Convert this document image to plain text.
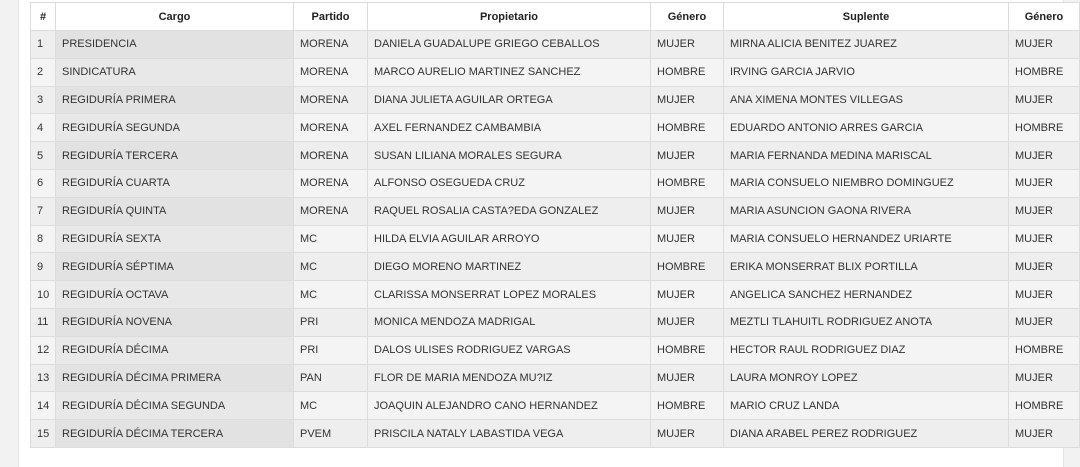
#	Cargo	Partido	Propietario	Género	Suplente	Género
1	PRESIDENCIA	MORENA	DANIELA GUADALUPE GRIEGO CEBALLOS	MUJER	MIRNA ALICIA BENITEZ JUAREZ	MUJER
2	SINDICATURA	MORENA	MARCO AURELIO MARTINEZ SANCHEZ	HOMBRE	IRVING GARCIA JARVIO	HOMBRE
3	REGIDURÍA PRIMERA	MORENA	DIANA JULIETA AGUILAR ORTEGA	MUJER	ANA XIMENA MONTES VILLEGAS	MUJER
4	REGIDURÍA SEGUNDA	MORENA	AXEL FERNANDEZ CAMBAMBIA	HOMBRE	EDUARDO ANTONIO ARRES GARCIA	HOMBRE
5	REGIDURÍA TERCERA	MORENA	SUSAN LILIANA MORALES SEGURA	MUJER	MARIA FERNANDA MEDINA MARISCAL	MUJER
6	REGIDURÍA CUARTA	MORENA	ALFONSO OSEGUEDA CRUZ	HOMBRE	MARIA CONSUELO NIEMBRO DOMINGUEZ	MUJER
7	REGIDURÍA QUINTA	MORENA	RAQUEL ROSALIA CASTA?EDA GONZALEZ	MUJER	MARIA ASUNCION GAONA RIVERA	MUJER
8	REGIDURÍA SEXTA	MC	HILDA ELVIA AGUILAR ARROYO	MUJER	MARIA CONSUELO HERNANDEZ URIARTE	MUJER
9	REGIDURÍA SÉPTIMA	MC	DIEGO MORENO MARTINEZ	HOMBRE	ERIKA MONSERRAT BLIX PORTILLA	MUJER
10	REGIDURÍA OCTAVA	MC	CLARISSA MONSERRAT LOPEZ MORALES	MUJER	ANGELICA SANCHEZ HERNANDEZ	MUJER
11	REGIDURÍA NOVENA	PRI	MONICA MENDOZA MADRIGAL	MUJER	MEZTLI TLAHUITL RODRIGUEZ ANOTA	MUJER
12	REGIDURÍA DÉCIMA	PRI	DALOS ULISES RODRIGUEZ VARGAS	HOMBRE	HECTOR RAUL RODRIGUEZ DIAZ	HOMBRE
13	REGIDURÍA DÉCIMA PRIMERA	PAN	FLOR DE MARIA MENDOZA MU?IZ	MUJER	LAURA MONROY LOPEZ	MUJER
14	REGIDURÍA DÉCIMA SEGUNDA	MC	JOAQUIN ALEJANDRO CANO HERNANDEZ	HOMBRE	MARIO CRUZ LANDA	HOMBRE
15	REGIDURÍA DÉCIMA TERCERA	PVEM	PRISCILA NATALY LABASTIDA VEGA	MUJER	DIANA ARABEL PEREZ RODRIGUEZ	MUJER
